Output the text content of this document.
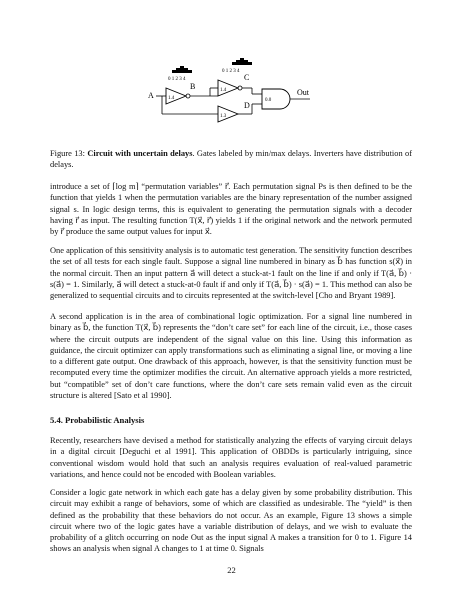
0 1 2 3 4
0 1 2 3 4
A	1.4
B	1.4
C
1.3
D
0.0
Out
Figure 13: Circuit with uncertain delays. Gates labeled by min/max delays. Inverters have distribution of delays.
introduce a set of ⌈log m⌉ “permutation variables” r⃗. Each permutation signal Ps is then defined to be the function that yields 1 when the permutation variables are the binary representation of the number assigned signal s. In logic design terms, this is equivalent to generating the permutation signals with a decoder having r⃗ as input. The resulting function T(x⃗, r⃗) yields 1 if the original network and the network permuted by r⃗ produce the same output values for input x⃗.
One application of this sensitivity analysis is to automatic test generation. The sensitivity function describes the set of all tests for each single fault. Suppose a signal line numbered in binary as b⃗ has function s(x⃗) in the normal circuit. Then an input pattern a⃗ will detect a stuck-at-1 fault on the line if and only if T(a⃗, b⃗) · s(a⃗) = 1. Similarly, a⃗ will detect a stuck-at-0 fault if and only if T(a⃗, b⃗) · s(a⃗) = 1. This method can also be generalized to sequential circuits and to circuits represented at the switch-level [Cho and Bryant 1989].
A second application is in the area of combinational logic optimization. For a signal line numbered in binary as b⃗, the function T(x⃗, b⃗) represents the “don’t care set” for each line of the circuit, i.e., those cases where the circuit outputs are independent of the signal value on this line. Using this information as guidance, the circuit optimizer can apply transformations such as eliminating a signal line, or moving a line to a different gate output. One drawback of this approach, however, is that the sensitivity function must be recomputed every time the optimizer modifies the circuit. An alternative approach yields a more restricted, but “compatible” set of don’t care functions, where the don’t care sets remain valid even as the circuit structure is altered [Sato et al 1990].
5.4. Probabilistic Analysis
Recently, researchers have devised a method for statistically analyzing the effects of varying circuit delays in a digital circuit [Deguchi et al 1991]. This application of OBDDs is particularly intriguing, since conventional wisdom would hold that such an analysis requires evaluation of real-valued parametric variations, and hence could not be encoded with Boolean variables.
Consider a logic gate network in which each gate has a delay given by some probability distribution. This circuit may exhibit a range of behaviors, some of which are classified as undesirable. The “yield” is then defined as the probability that these behaviors do not occur. As an example, Figure 13 shows a simple circuit where two of the logic gates have a variable distribution of delays, and we wish to evaluate the probability of a glitch occurring on node Out as the input signal A makes a transition for 0 to 1. Figure 14 shows an analysis when signal A changes to 1 at time 0. Signals
22
